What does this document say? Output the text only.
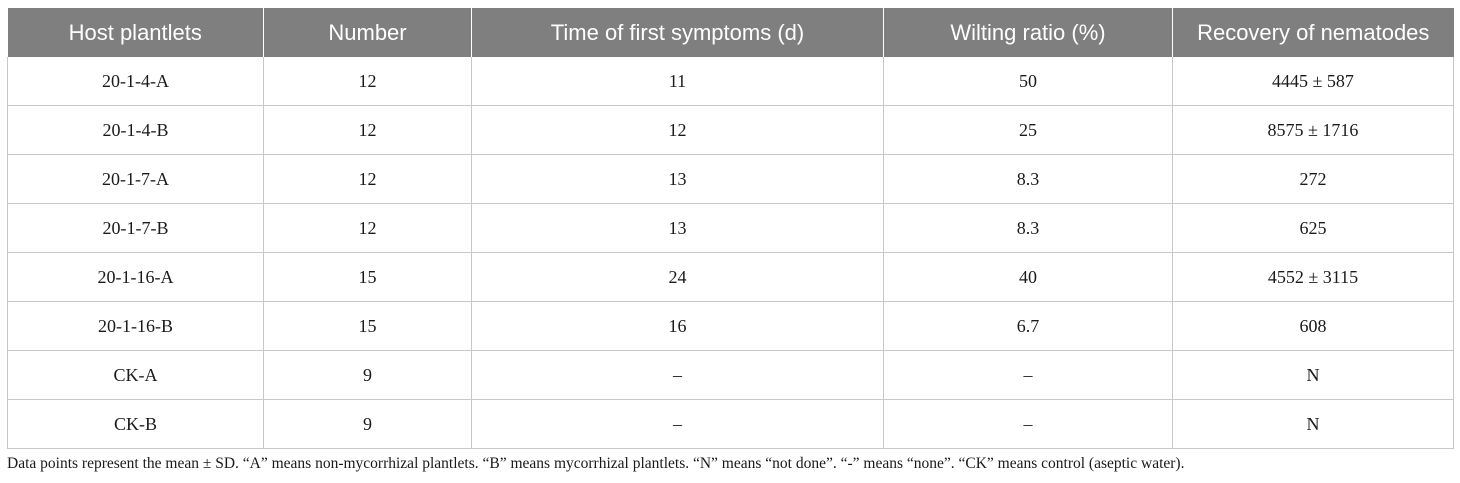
Host plantlets	Number	Time of first symptoms (d)	Wilting ratio (%)	Recovery of nematodes
20-1-4-A	12	11	50	4445 ± 587
20-1-4-B	12	12	25	8575 ± 1716
20-1-7-A	12	13	8.3	272
20-1-7-B	12	13	8.3	625
20-1-16-A	15	24	40	4552 ± 3115
20-1-16-B	15	16	6.7	608
CK-A	9	–	–	N
CK-B	9	–	–	N
Data points represent the mean ± SD. “A” means non-mycorrhizal plantlets. “B” means mycorrhizal plantlets. “N” means “not done”. “-” means “none”. “CK” means control (aseptic water).
